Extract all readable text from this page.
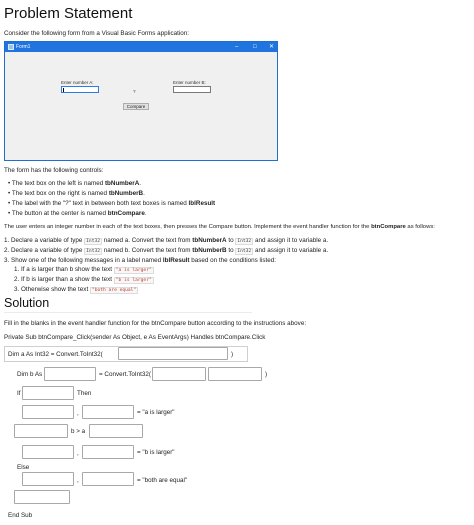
Problem Statement
Consider the following form from a Visual Basic Forms application:
Form1	– □ ✕
Enter number A:	Enter number B:
?
Compare
The form has the following controls:
• The text box on the left is named tbNumberA.
• The text box on the right is named tbNumberB.
• The label with the "?" text in between both text boxes is named lblResult
• The button at the center is named btnCompare.
The user enters an integer number in each of the text boxes, then presses the Compare button. Implement the event handler function for the btnCompare as follows:
1. Declare a variable of type Int32 named a. Convert the text from tbNumberA to Int32 and assign it to variable a.
2. Declare a variable of type Int32 named b. Convert the text from tbNumberB to Int32 and assign it to variable a.
3. Show one of the following messages in a label named lblResult based on the conditions listed:
1. If a is larger than b show the text "a is larger"
2. If b is larger than a show the text "b is larger"
3. Otherwise show the text "both are equal"
Solution
Fill in the blanks in the event handler function for the btnCompare button according to the instructions above:
Private Sub btnCompare_Click(sender As Object, e As EventArgs) Handles btnCompare.Click
Dim a As Int32 = Convert.ToInt32(	)
Dim b As	= Convert.ToInt32(	)
If	Then
,	= "a is larger"
b > a
,	= "b is larger"
Else
,	= "both are equal"
End Sub
